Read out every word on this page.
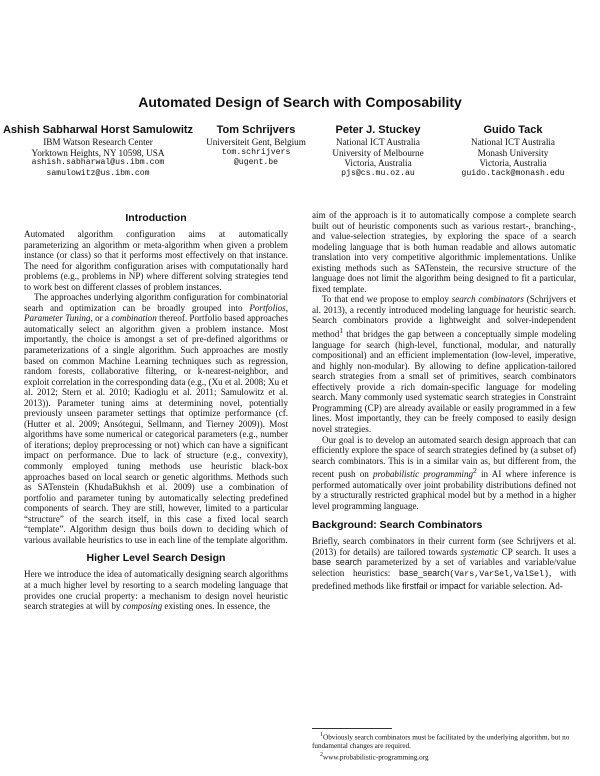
Automated Design of Search with Composability
Ashish Sabharwal Horst Samulowitz
IBM Watson Research Center
Yorktown Heights, NY 10598, USA
ashish.sabharwal@us.ibm.com
samulowitz@us.ibm.com
Tom Schrijvers
Universiteit Gent, Belgium
tom.schrijvers
@ugent.be
Peter J. Stuckey
National ICT Australia
University of Melbourne
Victoria, Australia
pjs@cs.mu.oz.au
Guido Tack
National ICT Australia
Monash University
Victoria, Australia
guido.tack@monash.edu
Introduction

Automated algorithm configuration aims at automatically parameterizing an algorithm or meta-algorithm when given a problem instance (or class) so that it performs most effectively on that instance. The need for algorithm configuration arises with computationally hard problems (e.g., problems in NP) where different solving strategies tend to work best on different classes of problem instances.

The approaches underlying algorithm configuration for combinatorial searh and optimization can be broadly grouped into Portfolios, Parameter Tuning, or a combination thereof. Portfolio based approaches automatically select an algorithm given a problem instance. Most importantly, the choice is amongst a set of pre-defined algorithms or parameterizations of a single algorithm. Such approaches are mostly based on common Machine Learning techniques such as regression, random forests, collaborative filtering, or k-nearest-neighbor, and exploit correlation in the corresponding data (e.g., (Xu et al. 2008; Xu et al. 2012; Stern et al. 2010; Kadioglu et al. 2011; Samulowitz et al. 2013)). Parameter tuning aims at determining novel, potentially previously unseen parameter settings that optimize performance (cf. (Hutter et al. 2009; Ansótegui, Sellmann, and Tierney 2009)). Most algorithms have some numerical or categorical parameters (e.g., number of iterations; deploy preprocessing or not) which can have a significant impact on performance. Due to lack of structure (e.g., convexity), commonly employed tuning methods use heuristic black-box approaches based on local search or genetic algorithms. Methods such as SATenstein (KhudaBukhsh et al. 2009) use a combination of portfolio and parameter tuning by automatically selecting predefined components of search. They are still, however, limited to a particular “structure” of the search itself, in this case a fixed local search “template”. Algorithm design thus boils down to deciding which of various available heuristics to use in each line of the template algorithm.

Higher Level Search Design

Here we introduce the idea of automatically designing search algorithms at a much higher level by resorting to a search modeling language that provides one crucial property: a mechanism to design novel heuristic search strategies at will by composing existing ones. In essence, the

aim of the approach is it to automatically compose a complete search built out of heuristic components such as various restart-, branching-, and value-selection strategies, by exploring the space of a search modeling language that is both human readable and allows automatic translation into very competitive algorithmic implementations. Unlike existing methods such as SATenstein, the recursive structure of the language does not limit the algorithm being designed to fit a particular, fixed template.

To that end we propose to employ search combinators (Schrijvers et al. 2013), a recently introduced modeling language for heuristic search. Search combinators provide a lightweight and solver-independent method$^1$ that bridges the gap between a conceptually simple modeling language for search (high-level, functional, modular, and naturally compositional) and an efficient implementation (low-level, imperative, and highly non-modular). By allowing to define application-tailored search strategies from a small set of primitives, search combinators effectively provide a rich domain-specific language for modeling search. Many commonly used systematic search strategies in Constraint Programming (CP) are already available or easily programmed in a few lines. Most importantly, they can be freely composed to easily design novel strategies.

Our goal is to develop an automated search design approach that can efficiently explore the space of search strategies defined by (a subset of) search combinators. This is in a similar vain as, but different from, the recent push on probabilistic programming$^2$ in AI where inference is performed automatically over joint probability distributions defined not by a structurally restricted graphical model but by a method in a higher level programming language.

Background: Search Combinators

Briefly, search combinators in their current form (see Schrijvers et al. (2013) for details) are tailored towards systematic CP search. It uses a base search parameterized by a set of variables and variable/value selection heuristics: base_search(Vars,VarSel,ValSel), with predefined methods like firstfail or impact for variable selection. Ad-

$^1$Obviously search combinators must be facilitated by the underlying algorithm, but no fundamental changes are required.
$^2$www.probabilistic-programming.org
